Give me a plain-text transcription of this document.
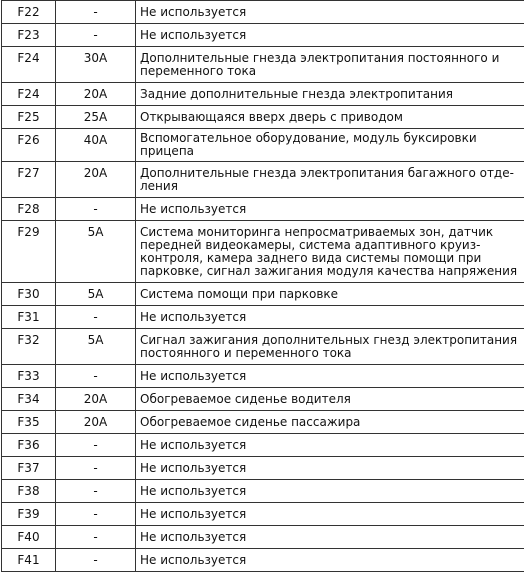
F22	-	Не используется
F23	-	Не используется
F24	30A	Дополнительные гнезда электропитания постоянного и переменного тока
F24	20A	Задние дополнительные гнезда электропитания
F25	25A	Открывающаяся вверх дверь с приводом
F26	40A	Вспомогательное оборудование, модуль буксировки прицепа
F27	20A	Дополнительные гнезда электропитания багажного отде-ления
F28	-	Не используется
F29	5A	Система мониторинга непросматриваемых зон, датчик передней видеокамеры, система адаптивного круиз-контроля, камера заднего вида системы помощи при парковке, сигнал зажигания модуля качества напряжения
F30	5A	Система помощи при парковке
F31	-	Не используется
F32	5A	Сигнал зажигания дополнительных гнезд электропитания постоянного и переменного тока
F33	-	Не используется
F34	20A	Обогреваемое сиденье водителя
F35	20A	Обогреваемое сиденье пассажира
F36	-	Не используется
F37	-	Не используется
F38	-	Не используется
F39	-	Не используется
F40	-	Не используется
F41	-	Не используется
